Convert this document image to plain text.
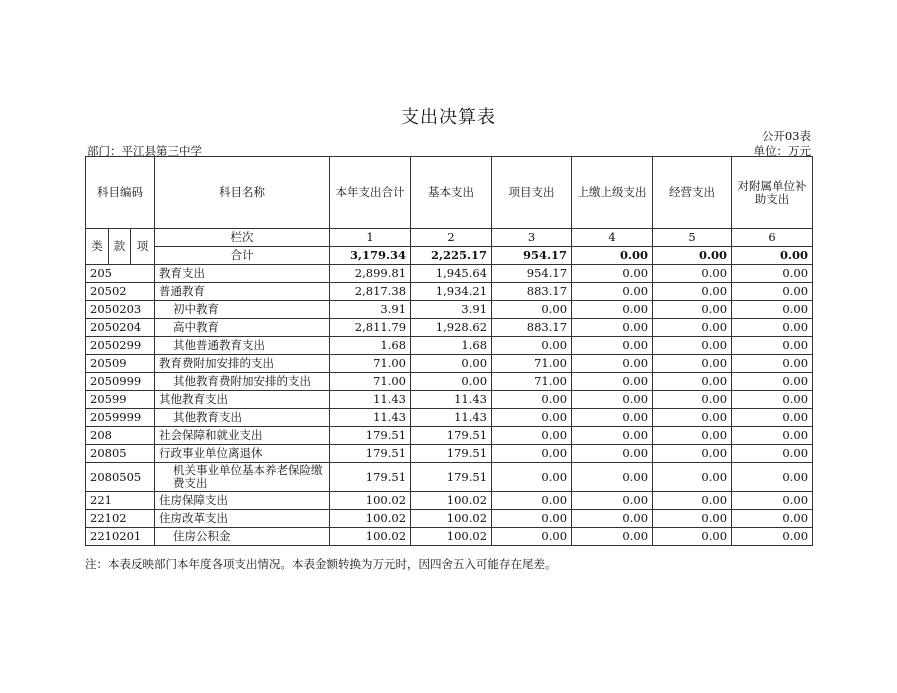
支出决算表
公开03表
部门：平江县第三中学	单位：万元
科目编码			科目名称	本年支出合计	基本支出	项目支出	上缴上级支出	经营支出	对附属单位补助支出
类	款	项	栏次	1	2	3	4	5	6
			合计	3,179.34	2,225.17	954.17	0.00	0.00	0.00
205			教育支出	2,899.81	1,945.64	954.17	0.00	0.00	0.00
20502			普通教育	2,817.38	1,934.21	883.17	0.00	0.00	0.00
2050203			初中教育	3.91	3.91	0.00	0.00	0.00	0.00
2050204			高中教育	2,811.79	1,928.62	883.17	0.00	0.00	0.00
2050299			其他普通教育支出	1.68	1.68	0.00	0.00	0.00	0.00
20509			教育费附加安排的支出	71.00	0.00	71.00	0.00	0.00	0.00
2050999			其他教育费附加安排的支出	71.00	0.00	71.00	0.00	0.00	0.00
20599			其他教育支出	11.43	11.43	0.00	0.00	0.00	0.00
2059999			其他教育支出	11.43	11.43	0.00	0.00	0.00	0.00
208			社会保障和就业支出	179.51	179.51	0.00	0.00	0.00	0.00
20805			行政事业单位离退休	179.51	179.51	0.00	0.00	0.00	0.00
2080505			机关事业单位基本养老保险缴费支出	179.51	179.51	0.00	0.00	0.00	0.00
221			住房保障支出	100.02	100.02	0.00	0.00	0.00	0.00
22102			住房改革支出	100.02	100.02	0.00	0.00	0.00	0.00
2210201			住房公积金	100.02	100.02	0.00	0.00	0.00	0.00
注：本表反映部门本年度各项支出情况。本表金额转换为万元时，因四舍五入可能存在尾差。
